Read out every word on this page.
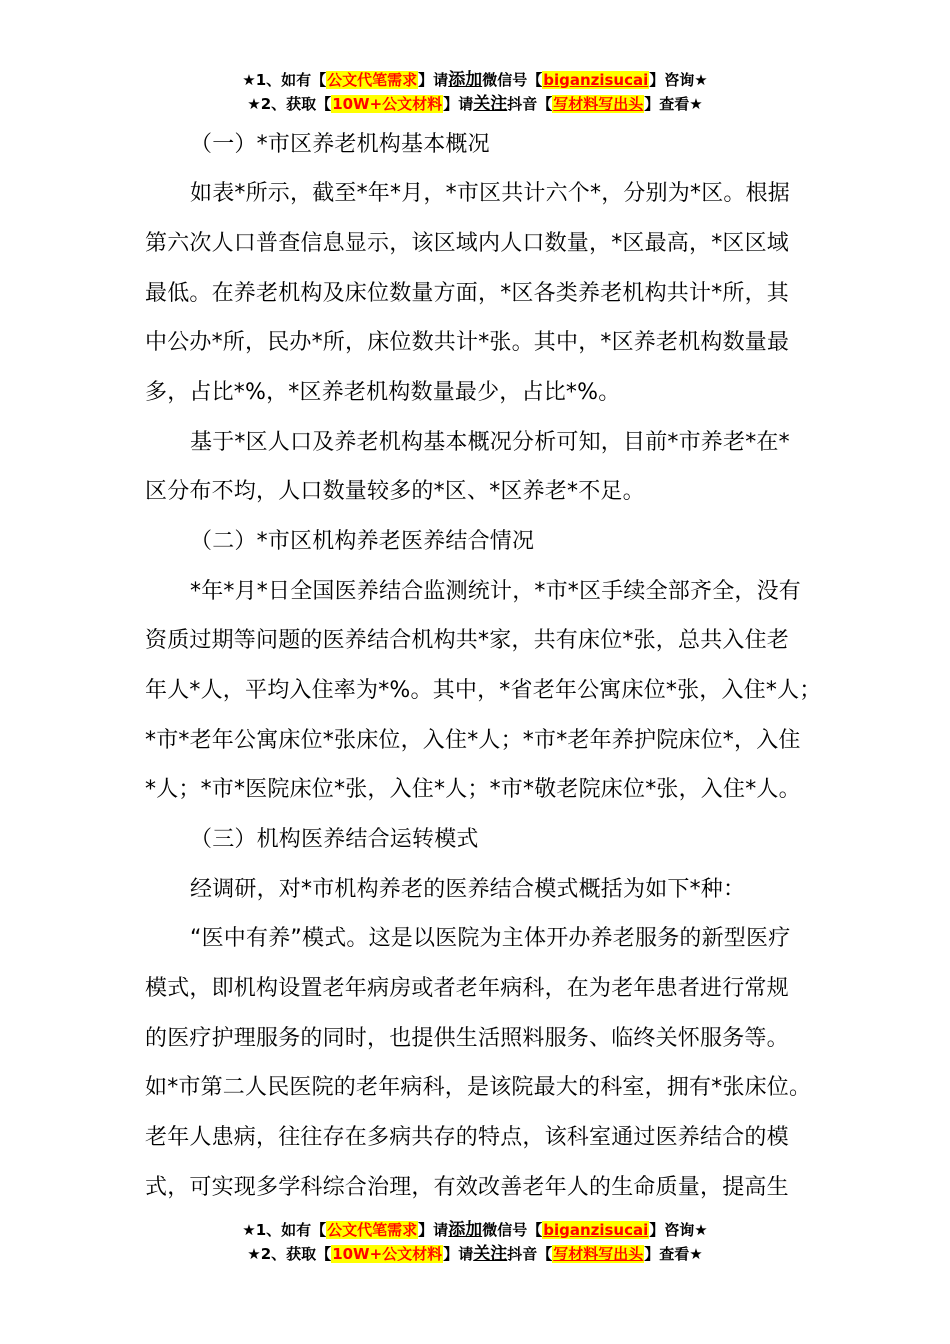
★1、如有【公文代笔需求】请添加微信号【biganzisucai】咨询★
★2、获取【10W+公文材料】请关注抖音【写材料写出头】查看★
（一）*市区养老机构基本概况
如表*所示，截至*年*月，*市区共计六个*，分别为*区。根据
第六次人口普查信息显示，该区域内人口数量，*区最高，*区区域
最低。在养老机构及床位数量方面，*区各类养老机构共计*所，其
中公办*所，民办*所，床位数共计*张。其中，*区养老机构数量最
多，占比*%，*区养老机构数量最少，占比*%。
基于*区人口及养老机构基本概况分析可知，目前*市养老*在*
区分布不均，人口数量较多的*区、*区养老*不足。
（二）*市区机构养老医养结合情况
*年*月*日全国医养结合监测统计，*市*区手续全部齐全，没有
资质过期等问题的医养结合机构共*家，共有床位*张，总共入住老
年人*人，平均入住率为*%。其中，*省老年公寓床位*张，入住*人；
*市*老年公寓床位*张床位，入住*人；*市*老年养护院床位*，入住
*人；*市*医院床位*张，入住*人；*市*敬老院床位*张，入住*人。
（三）机构医养结合运转模式
经调研，对*市机构养老的医养结合模式概括为如下*种：
“医中有养”模式。这是以医院为主体开办养老服务的新型医疗
模式，即机构设置老年病房或者老年病科，在为老年患者进行常规
的医疗护理服务的同时，也提供生活照料服务、临终关怀服务等。
如*市第二人民医院的老年病科，是该院最大的科室，拥有*张床位。
老年人患病，往往存在多病共存的特点，该科室通过医养结合的模
式，可实现多学科综合治理，有效改善老年人的生命质量，提高生
★1、如有【公文代笔需求】请添加微信号【biganzisucai】咨询★
★2、获取【10W+公文材料】请关注抖音【写材料写出头】查看★
